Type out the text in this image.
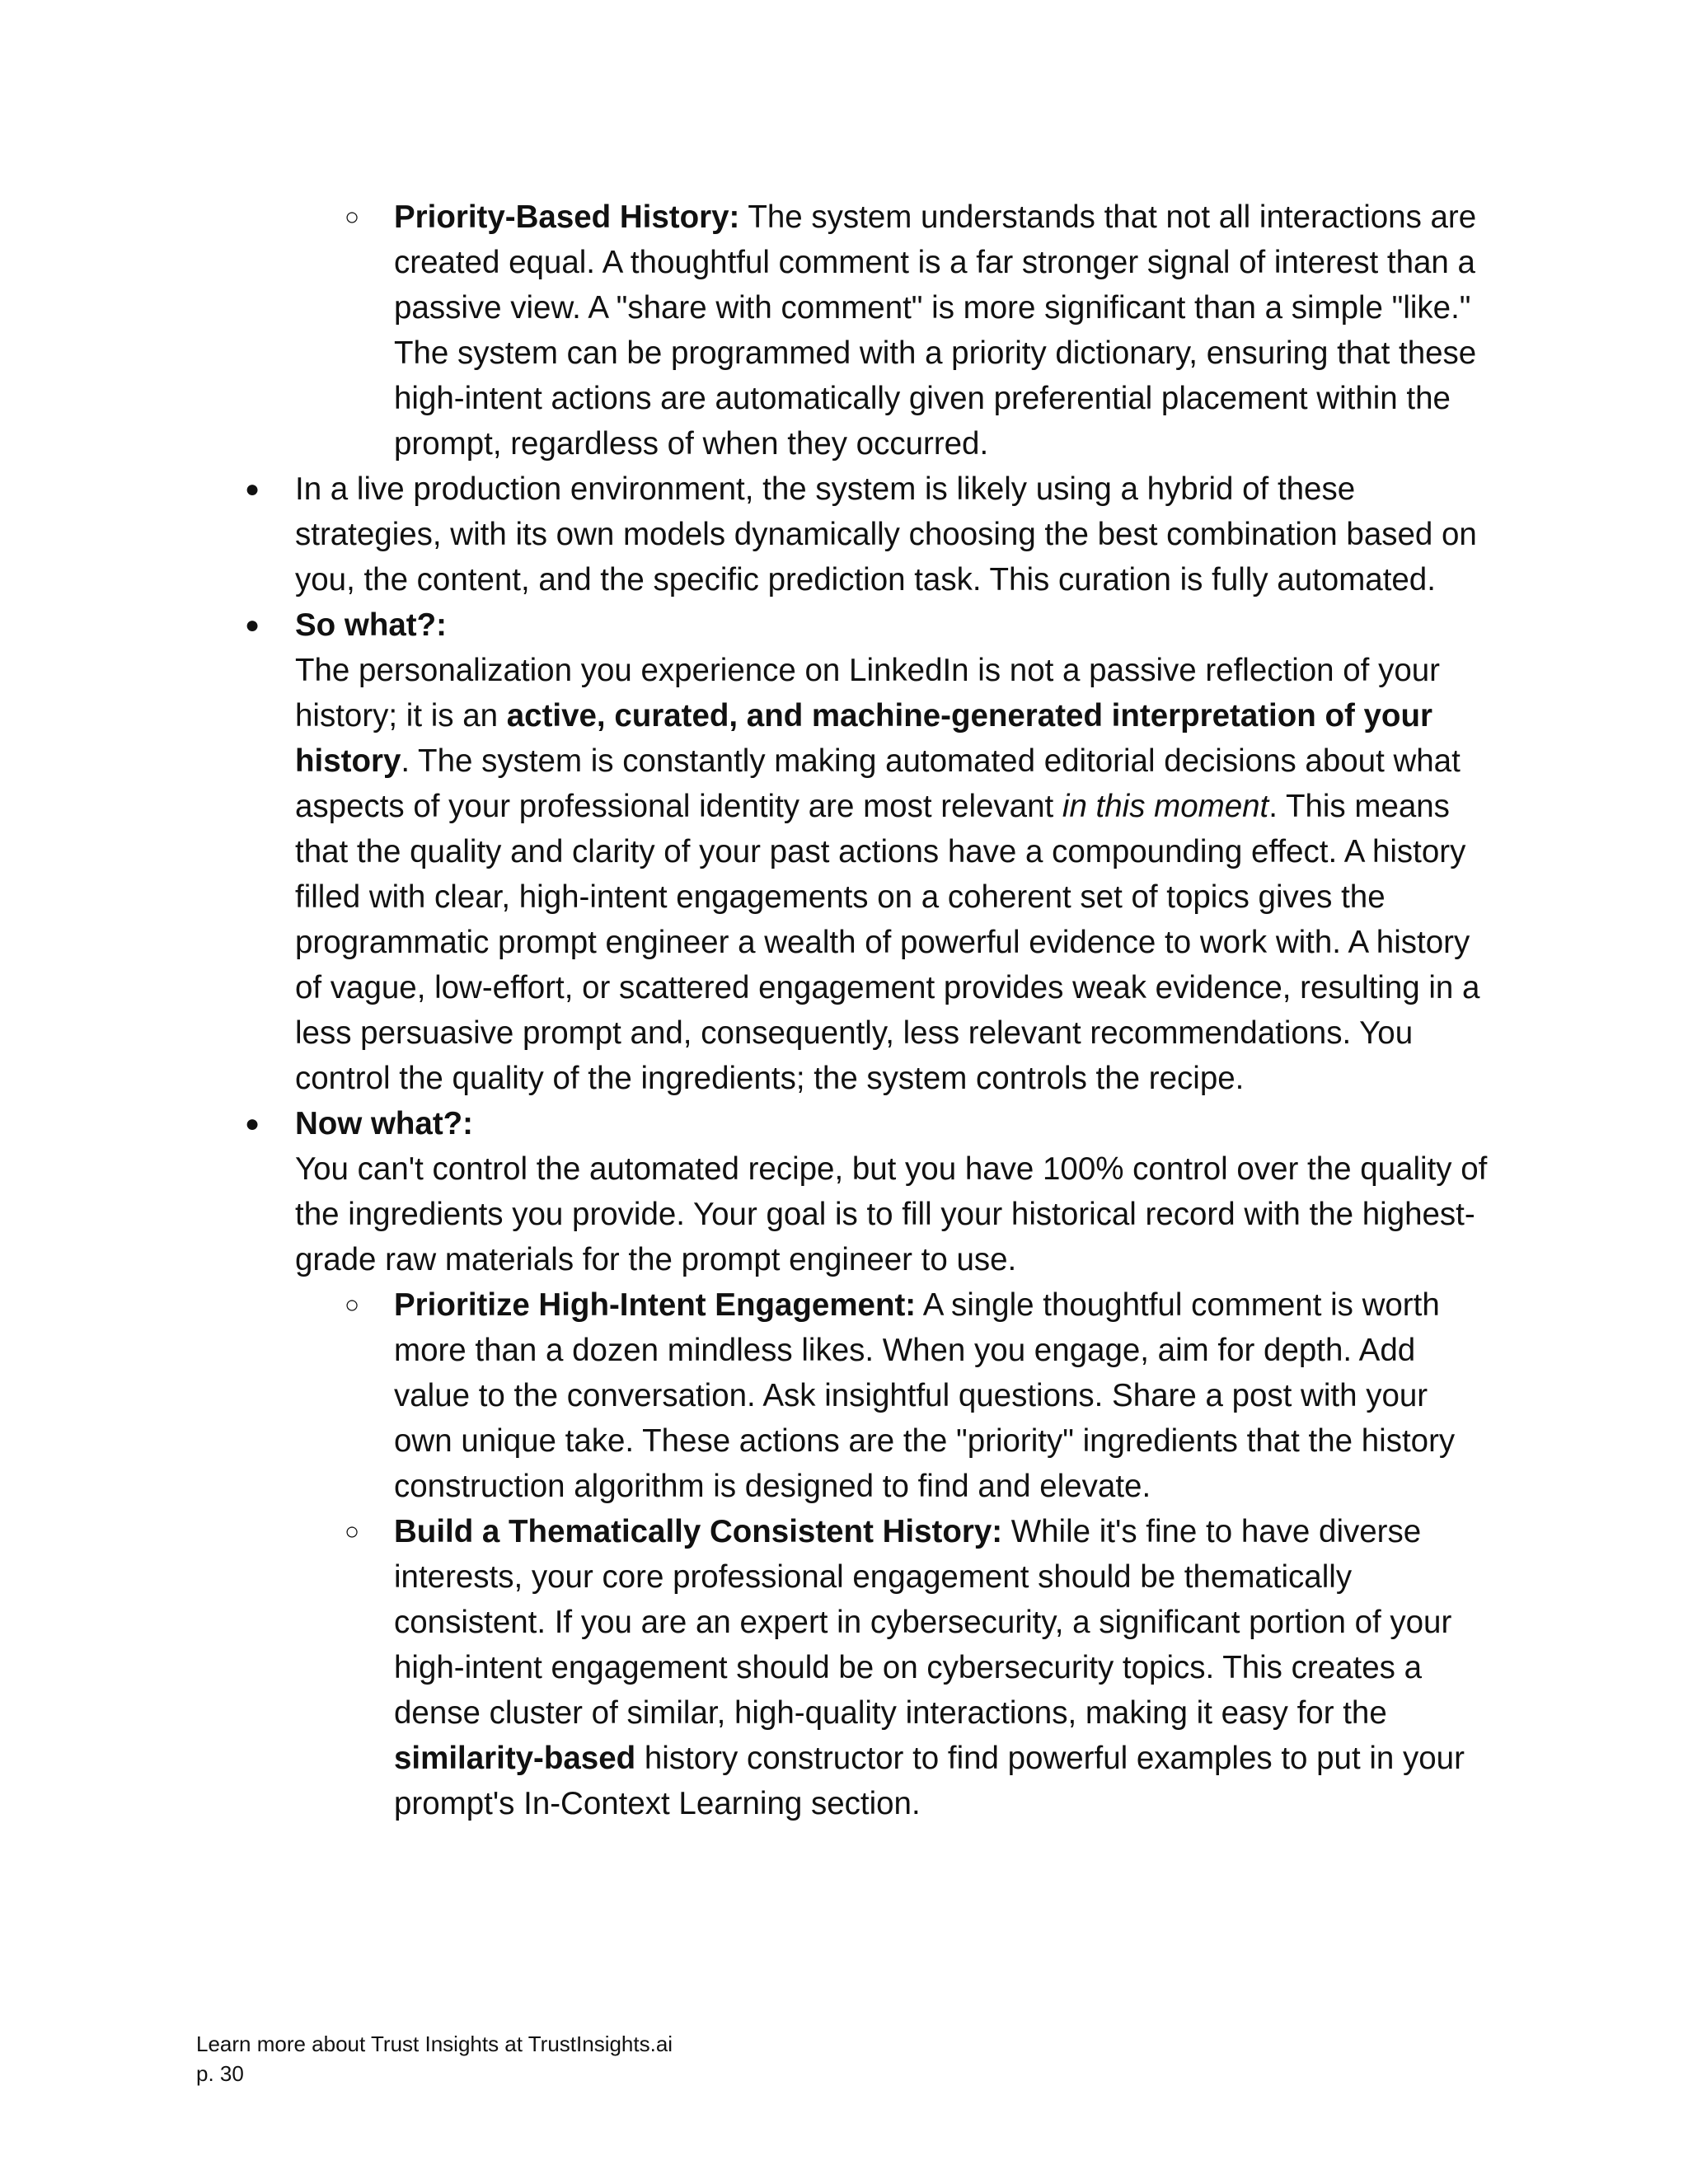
○ Priority-Based History: The system understands that not all interactions are created equal. A thoughtful comment is a far stronger signal of interest than a passive view. A "share with comment" is more significant than a simple "like." The system can be programmed with a priority dictionary, ensuring that these high-intent actions are automatically given preferential placement within the prompt, regardless of when they occurred.
● In a live production environment, the system is likely using a hybrid of these strategies, with its own models dynamically choosing the best combination based on you, the content, and the specific prediction task. This curation is fully automated.
● So what?:

The personalization you experience on LinkedIn is not a passive reflection of your history; it is an active, curated, and machine-generated interpretation of your history. The system is constantly making automated editorial decisions about what aspects of your professional identity are most relevant in this moment. This means that the quality and clarity of your past actions have a compounding effect. A history filled with clear, high-intent engagements on a coherent set of topics gives the programmatic prompt engineer a wealth of powerful evidence to work with. A history of vague, low-effort, or scattered engagement provides weak evidence, resulting in a less persuasive prompt and, consequently, less relevant recommendations. You control the quality of the ingredients; the system controls the recipe.

● Now what?:

You can't control the automated recipe, but you have 100% control over the quality of the ingredients you provide. Your goal is to fill your historical record with the highest-grade raw materials for the prompt engineer to use.

○ Prioritize High-Intent Engagement: A single thoughtful comment is worth more than a dozen mindless likes. When you engage, aim for depth. Add value to the conversation. Ask insightful questions. Share a post with your own unique take. These actions are the "priority" ingredients that the history construction algorithm is designed to find and elevate.
○ Build a Thematically Consistent History: While it's fine to have diverse interests, your core professional engagement should be thematically consistent. If you are an expert in cybersecurity, a significant portion of your high-intent engagement should be on cybersecurity topics. This creates a dense cluster of similar, high-quality interactions, making it easy for the similarity-based history constructor to find powerful examples to put in your prompt's In-Context Learning section.
Learn more about Trust Insights at TrustInsights.ai
p. 30
